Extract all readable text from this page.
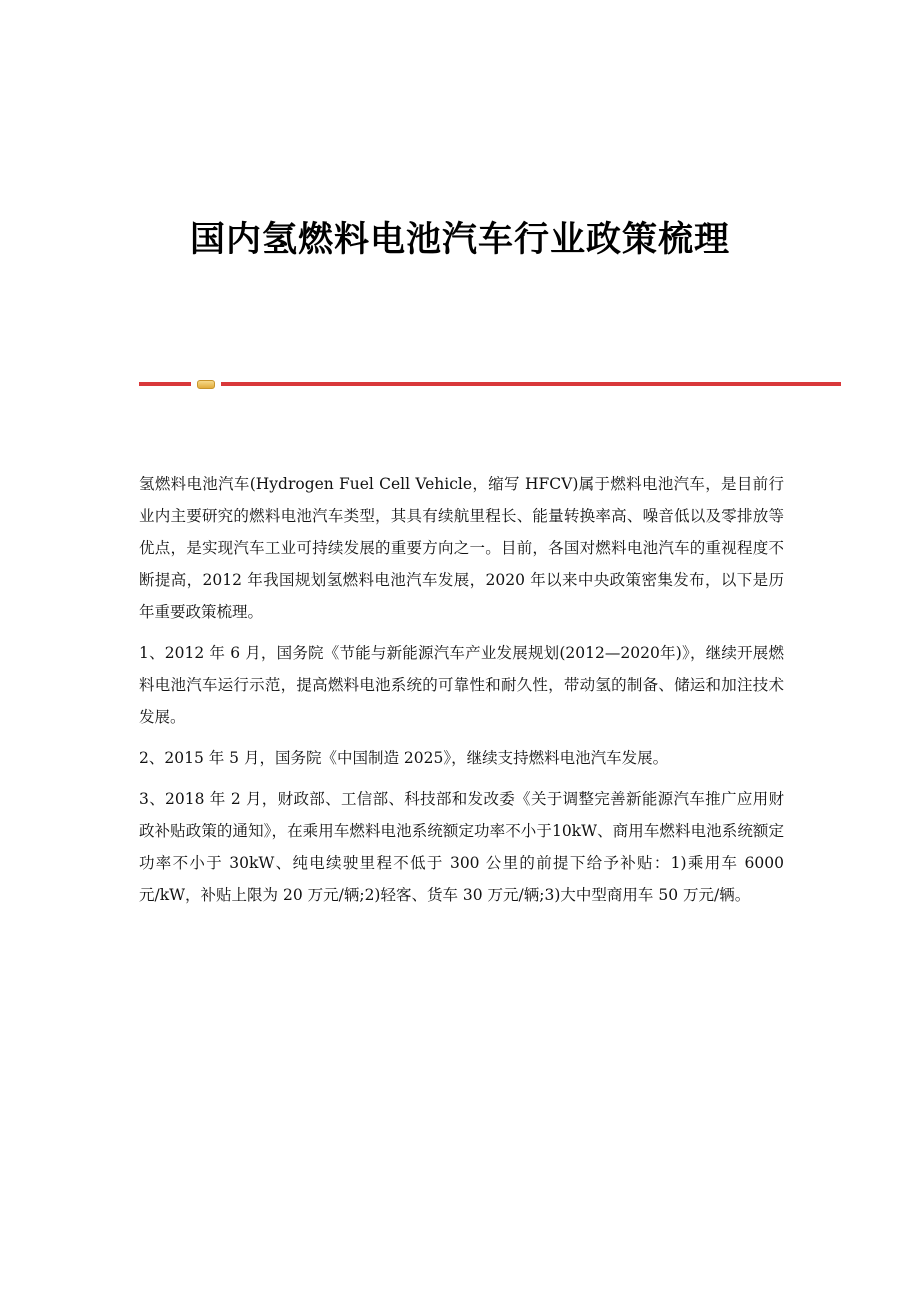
国内氢燃料电池汽车行业政策梳理

氢燃料电池汽车(Hydrogen Fuel Cell Vehicle，缩写 HFCV)属于燃料电池汽车，是目前行业内主要研究的燃料电池汽车类型，其具有续航里程长、能量转换率高、噪音低以及零排放等优点，是实现汽车工业可持续发展的重要方向之一。目前，各国对燃料电池汽车的重视程度不断提高，2012 年我国规划氢燃料电池汽车发展，2020 年以来中央政策密集发布，以下是历年重要政策梳理。

1、2012 年 6 月，国务院《节能与新能源汽车产业发展规划(2012—2020年)》，继续开展燃料电池汽车运行示范，提高燃料电池系统的可靠性和耐久性，带动氢的制备、储运和加注技术发展。

2、2015 年 5 月，国务院《中国制造 2025》，继续支持燃料电池汽车发展。

3、2018 年 2 月，财政部、工信部、科技部和发改委《关于调整完善新能源汽车推广应用财政补贴政策的通知》，在乘用车燃料电池系统额定功率不小于10kW、商用车燃料电池系统额定功率不小于 30kW、纯电续驶里程不低于 300 公里的前提下给予补贴：1)乘用车 6000 元/kW，补贴上限为 20 万元/辆;2)轻客、货车 30 万元/辆;3)大中型商用车 50 万元/辆。
